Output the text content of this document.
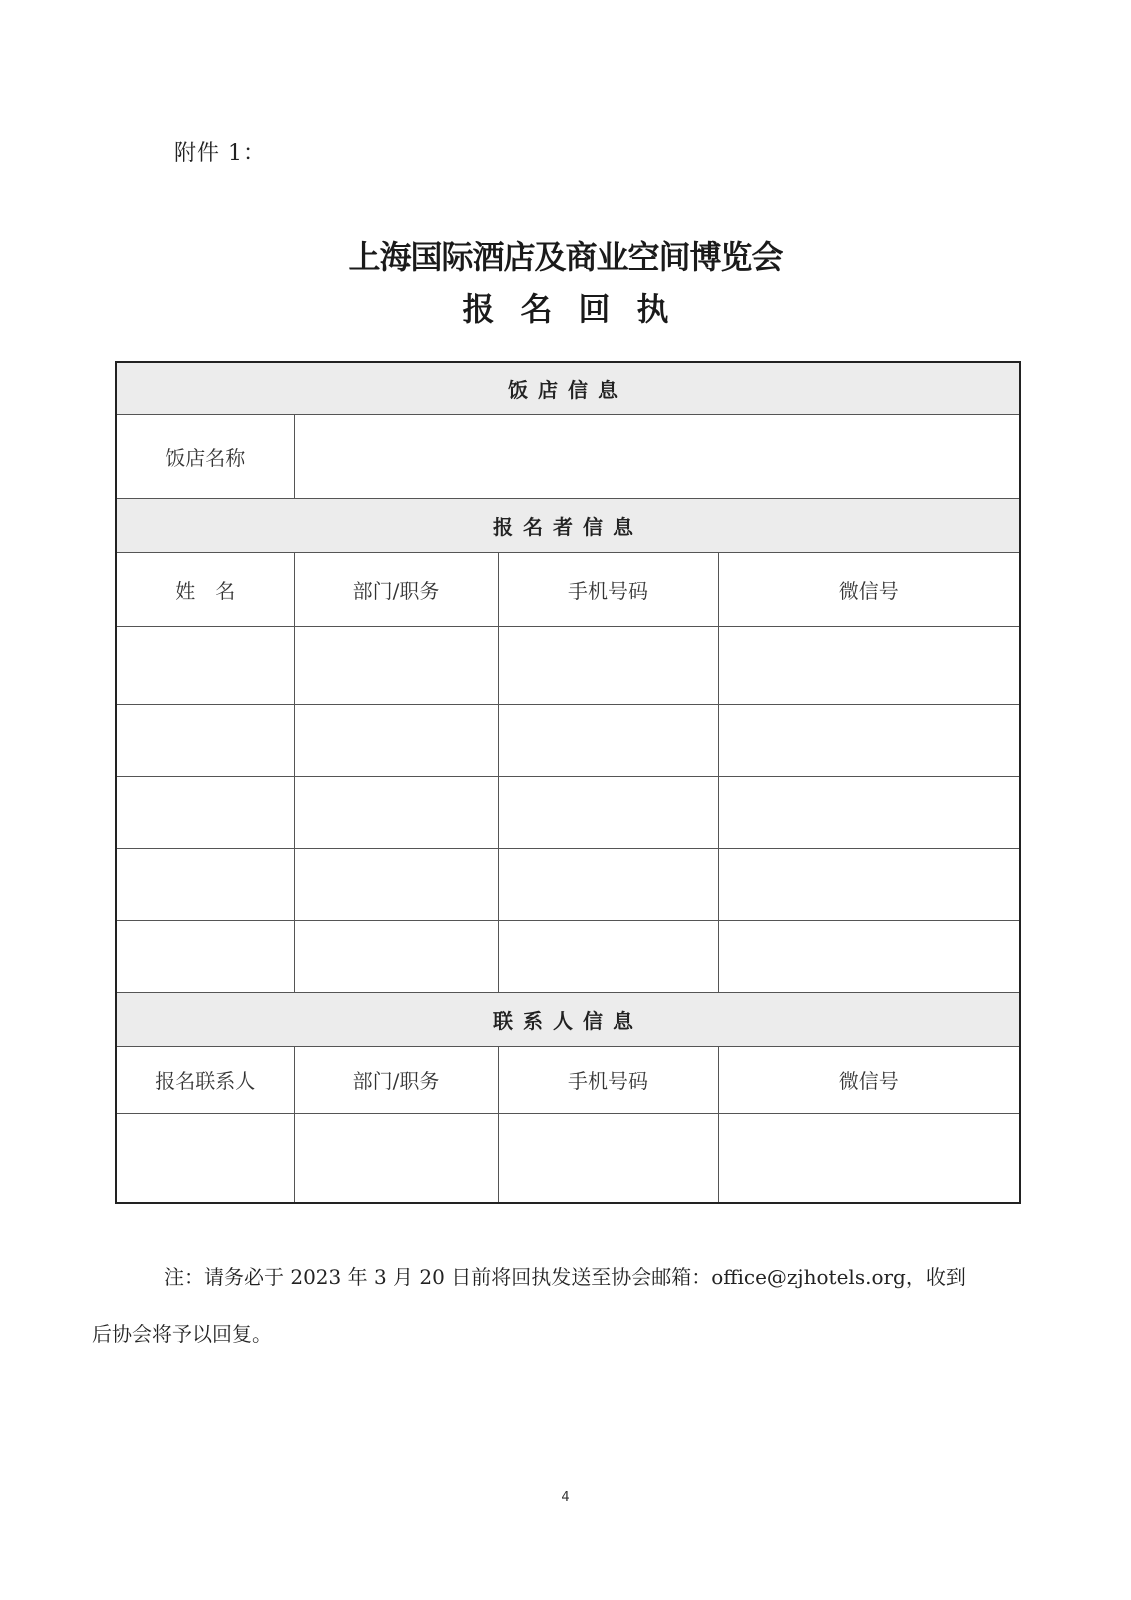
附件 1：
上海国际酒店及商业空间博览会
报名回执
饭店信息			
饭店名称			
报名者信息			
姓　名	部门/职务	手机号码	微信号

联系人信息			
报名联系人	部门/职务	手机号码	微信号

注：请务必于 2023 年 3 月 20 日前将回执发送至协会邮箱：office@zjhotels.org，收到
后协会将予以回复。
4
